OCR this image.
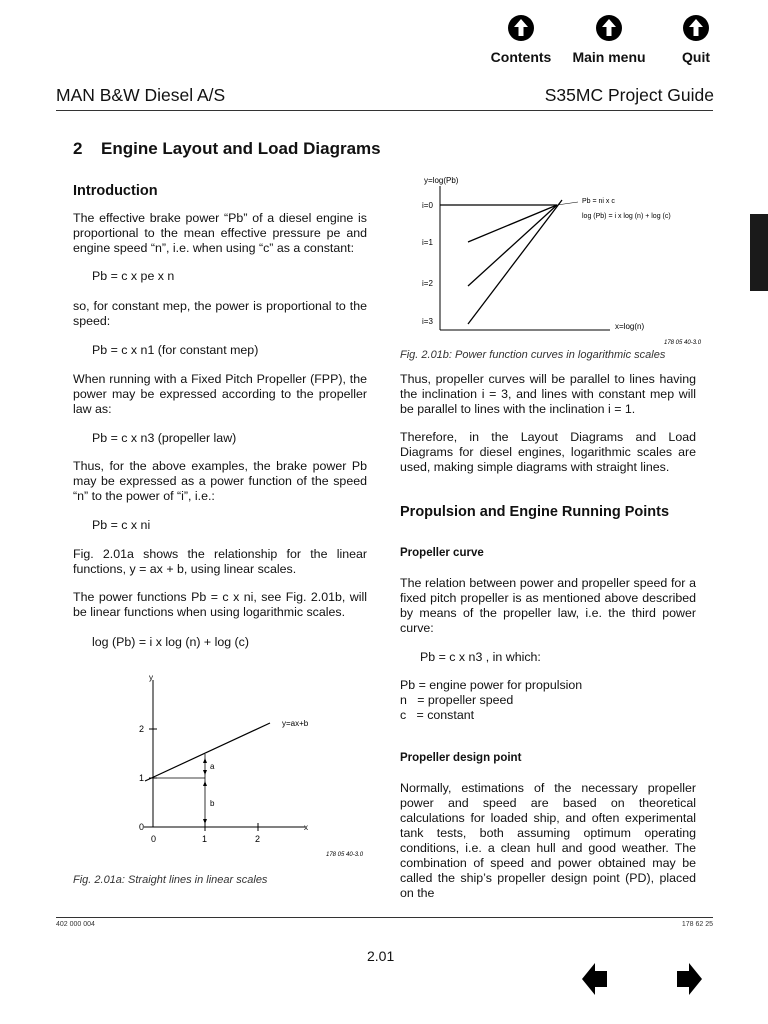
Contents	Main menu	Quit
MAN B&W Diesel A/S	S35MC Project Guide
2 Engine Layout and Load Diagrams
Introduction
The effective brake power “Pb” of a diesel engine is proportional to the mean effective pressure pe and engine speed “n”, i.e. when using “c” as a constant:
Pb = c x pe x n
so, for constant mep, the power is proportional to the speed:
Pb = c x n1 (for constant mep)
When running with a Fixed Pitch Propeller (FPP), the power may be expressed according to the propeller law as:
Pb = c x n3 (propeller law)
Thus, for the above examples, the brake power Pb may be expressed as a power function of the speed “n” to the power of “i”, i.e.:
Pb = c x ni
Fig. 2.01a shows the relationship for the linear functions, y = ax + b, using linear scales.
The power functions Pb = c x ni, see Fig. 2.01b, will be linear functions when using logarithmic scales.
log (Pb) = i x log (n) + log (c)
y
x
y=ax+b
a
b
2
1
0
0	1	2
178 05 40-3.0
Fig. 2.01a: Straight lines in linear scales
y=log(Pb)
x=log(n)
i=0
i=1
i=2
i=3
Pb = ni x c
log (Pb) = i x log (n) + log (c)
178 05 40-3.0
Fig. 2.01b: Power function curves in logarithmic scales
Thus, propeller curves will be parallel to lines having the inclination i = 3, and lines with constant mep will be parallel to lines with the inclination i = 1.
Therefore, in the Layout Diagrams and Load Diagrams for diesel engines, logarithmic scales are used, making simple diagrams with straight lines.
Propulsion and Engine Running Points
Propeller curve
The relation between power and propeller speed for a fixed pitch propeller is as mentioned above described by means of the propeller law, i.e. the third power curve:
Pb = c x n3 , in which:
Pb = engine power for propulsion
n   = propeller speed
c   = constant
Propeller design point
Normally, estimations of the necessary propeller power and speed are based on theoretical calculations for loaded ship, and often experimental tank tests, both assuming optimum operating conditions, i.e. a clean hull and good weather. The combination of speed and power obtained may be called the ship’s propeller design point (PD), placed on the
402 000 004	178 62 25
2.01
